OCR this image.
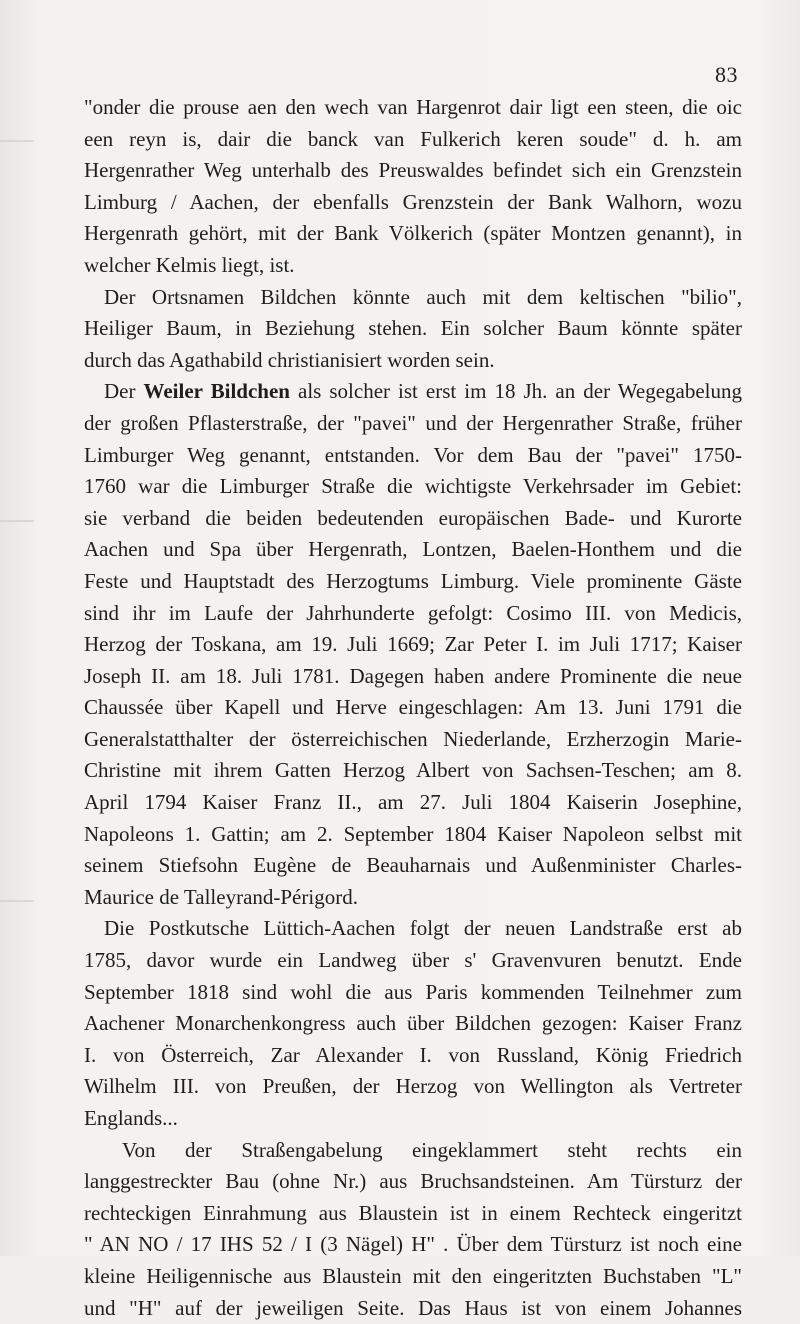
83

"onder die prouse aen den wech van Hargenrot dair ligt een steen, die oic
een reyn is, dair die banck van Fulkerich keren soude" d. h. am
Hergenrather Weg unterhalb des Preuswaldes befindet sich ein Grenzstein
Limburg / Aachen, der ebenfalls Grenzstein der Bank Walhorn, wozu
Hergenrath gehört, mit der Bank Völkerich (später Montzen genannt), in
welcher Kelmis liegt, ist.

Der Ortsnamen Bildchen könnte auch mit dem keltischen "bilio",
Heiliger Baum, in Beziehung stehen. Ein solcher Baum könnte später
durch das Agathabild christianisiert worden sein.

Der Weiler Bildchen als solcher ist erst im 18 Jh. an der Wegegabelung
der großen Pflasterstraße, der "pavei" und der Hergenrather Straße, früher
Limburger Weg genannt, entstanden. Vor dem Bau der "pavei" 1750-
1760 war die Limburger Straße die wichtigste Verkehrsader im Gebiet:
sie verband die beiden bedeutenden europäischen Bade- und Kurorte
Aachen und Spa über Hergenrath, Lontzen, Baelen-Honthem und die
Feste und Hauptstadt des Herzogtums Limburg. Viele prominente Gäste
sind ihr im Laufe der Jahrhunderte gefolgt: Cosimo III. von Medicis,
Herzog der Toskana, am 19. Juli 1669; Zar Peter I. im Juli 1717; Kaiser
Joseph II. am 18. Juli 1781. Dagegen haben andere Prominente die neue
Chaussée über Kapell und Herve eingeschlagen: Am 13. Juni 1791 die
Generalstatthalter der österreichischen Niederlande, Erzherzogin Marie-
Christine mit ihrem Gatten Herzog Albert von Sachsen-Teschen; am 8.
April 1794 Kaiser Franz II., am 27. Juli 1804 Kaiserin Josephine,
Napoleons 1. Gattin; am 2. September 1804 Kaiser Napoleon selbst mit
seinem Stiefsohn Eugène de Beauharnais und Außenminister Charles-
Maurice de Talleyrand-Périgord.

Die Postkutsche Lüttich-Aachen folgt der neuen Landstraße erst ab
1785, davor wurde ein Landweg über s' Gravenvuren benutzt. Ende
September 1818 sind wohl die aus Paris kommenden Teilnehmer zum
Aachener Monarchenkongress auch über Bildchen gezogen: Kaiser Franz
I. von Österreich, Zar Alexander I. von Russland, König Friedrich
Wilhelm III. von Preußen, der Herzog von Wellington als Vertreter
Englands...

Von der Straßengabelung eingeklammert steht rechts ein
langgestreckter Bau (ohne Nr.) aus Bruchsandsteinen. Am Türsturz der
rechteckigen Einrahmung aus Blaustein ist in einem Rechteck eingeritzt
" AN NO / 17 IHS 52 / I (3 Nägel) H" . Über dem Türsturz ist noch eine
kleine Heiligennische aus Blaustein mit den eingeritzten Buchstaben "L"
und "H" auf der jeweiligen Seite. Das Haus ist von einem Johannes
